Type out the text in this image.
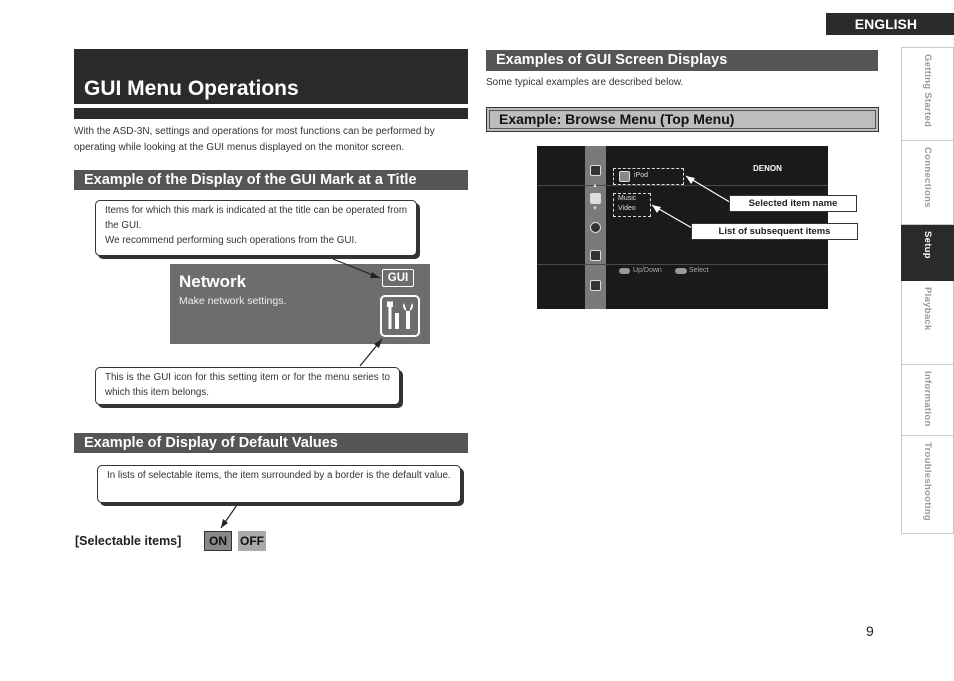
ENGLISH
Getting Started
Connections
Setup
Playback
Information
Troubleshooting
GUI Menu Operations
With the ASD-3N, settings and operations for most functions can be performed by operating while looking at the GUI menus displayed on the monitor screen.
Example of the Display of the GUI Mark at a Title
Items for which this mark is indicated at the title can be operated from the GUI.
We recommend performing such operations from the GUI.
Network
Make network settings.
GUI
This is the GUI icon for this setting item or for the menu series to which this item belongs.
Example of Display of Default Values
In lists of selectable items, the item surrounded by a border is the default value.
[Selectable items]	ON	OFF
Examples of GUI Screen Displays
Some typical examples are described below.
Example: Browse Menu (Top Menu)
▲
▼
DENON
iPod
Music
Video
Up/Down	Select
Selected item name
List of subsequent items
9
